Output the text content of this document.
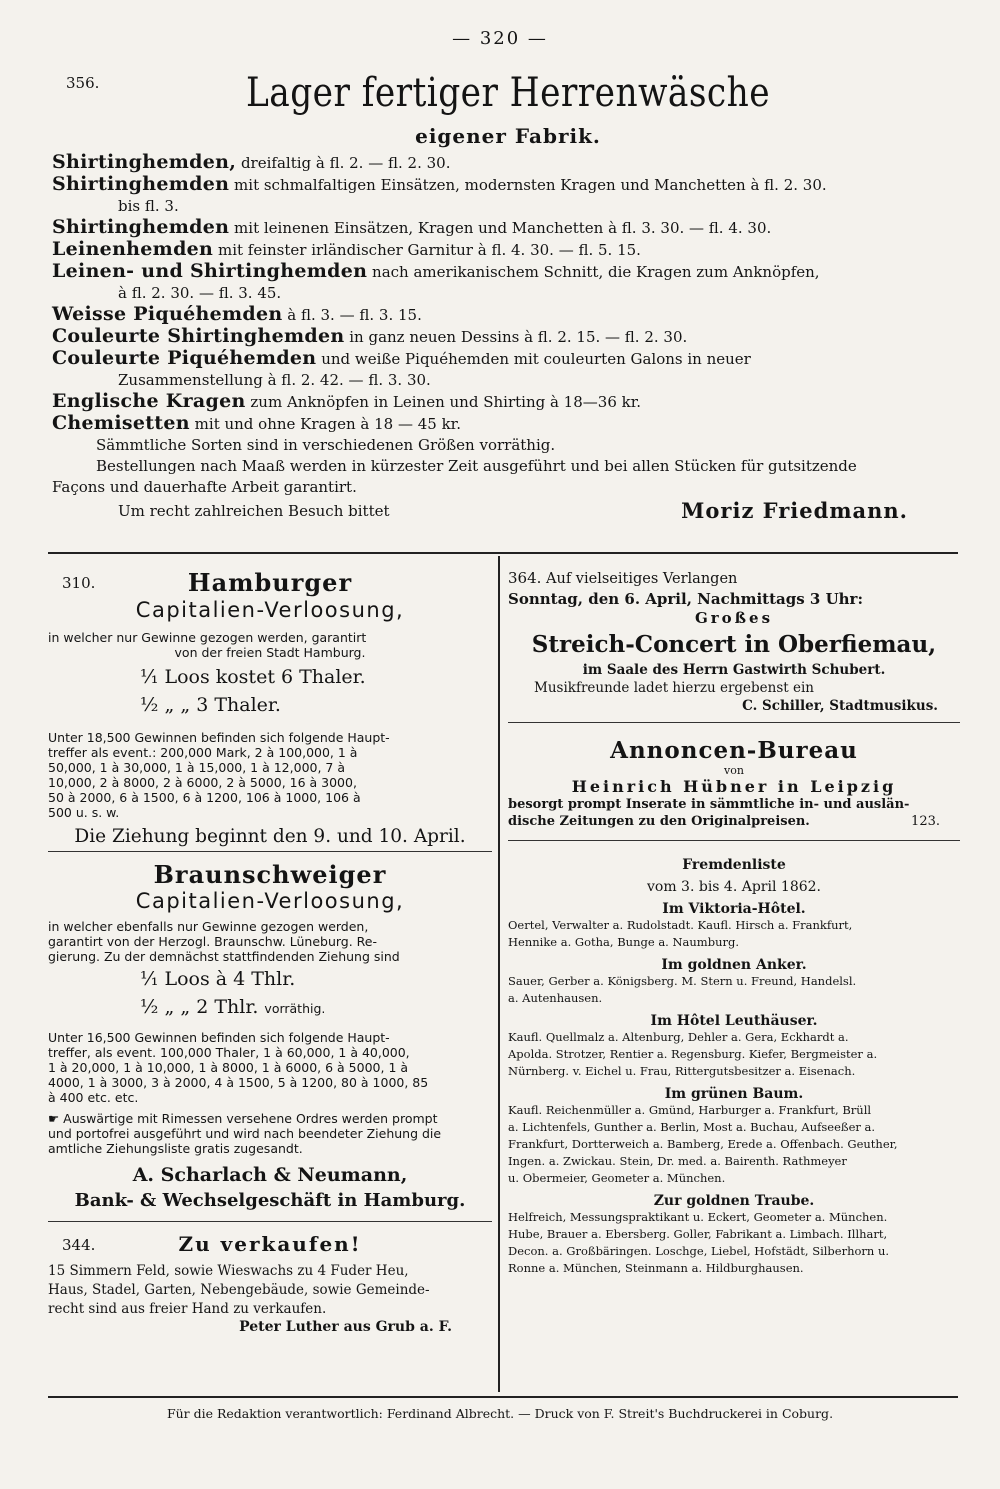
— 320 —
356.	Lager fertiger Herrenwäsche
eigener Fabrik.
Shirtinghemden, dreifaltig à fl. 2. — fl. 2. 30.
Shirtinghemden mit schmalfaltigen Einsätzen, modernsten Kragen und Manchetten à fl. 2. 30.
bis fl. 3.
Shirtinghemden mit leinenen Einsätzen, Kragen und Manchetten à fl. 3. 30. — fl. 4. 30.
Leinenhemden mit feinster irländischer Garnitur à fl. 4. 30. — fl. 5. 15.
Leinen- und Shirtinghemden nach amerikanischem Schnitt, die Kragen zum Anknöpfen,
à fl. 2. 30. — fl. 3. 45.
Weisse Piquéhemden à fl. 3. — fl. 3. 15.
Couleurte Shirtinghemden in ganz neuen Dessins à fl. 2. 15. — fl. 2. 30.
Couleurte Piquéhemden und weiße Piquéhemden mit couleurten Galons in neuer
Zusammenstellung à fl. 2. 42. — fl. 3. 30.
Englische Kragen zum Anknöpfen in Leinen und Shirting à 18—36 kr.
Chemisetten mit und ohne Kragen à 18 — 45 kr.
Sämmtliche Sorten sind in verschiedenen Größen vorräthig.
Bestellungen nach Maaß werden in kürzester Zeit ausgeführt und bei allen Stücken für gutsitzende
Façons und dauerhafte Arbeit garantirt.
Um recht zahlreichen Besuch bittet	Moriz Friedmann.
310.	Hamburger
Capitalien-Verloosung,
in welcher nur Gewinne gezogen werden, garantirt
von der freien Stadt Hamburg.
¹⁄₁ Loos kostet 6 Thaler.
¹⁄₂ „ „ 3 Thaler.
Unter 18,500 Gewinnen befinden sich folgende Haupt-
treffer als event.: 200,000 Mark, 2 à 100,000, 1 à
50,000, 1 à 30,000, 1 à 15,000, 1 à 12,000, 7 à
10,000, 2 à 8000, 2 à 6000, 2 à 5000, 16 à 3000,
50 à 2000, 6 à 1500, 6 à 1200, 106 à 1000, 106 à
500 u. s. w.
Die Ziehung beginnt den 9. und 10. April.
Braunschweiger
Capitalien-Verloosung,
in welcher ebenfalls nur Gewinne gezogen werden,
garantirt von der Herzogl. Braunschw. Lüneburg. Re-
gierung. Zu der demnächst stattfindenden Ziehung sind
¹⁄₁ Loos à 4 Thlr.
¹⁄₂ „ „ 2 Thlr. vorräthig.
Unter 16,500 Gewinnen befinden sich folgende Haupt-
treffer, als event. 100,000 Thaler, 1 à 60,000, 1 à 40,000,
1 à 20,000, 1 à 10,000, 1 à 8000, 1 à 6000, 6 à 5000, 1 à
4000, 1 à 3000, 3 à 2000, 4 à 1500, 5 à 1200, 80 à 1000, 85
à 400 etc. etc.
☛ Auswärtige mit Rimessen versehene Ordres werden prompt
und portofrei ausgeführt und wird nach beendeter Ziehung die
amtliche Ziehungsliste gratis zugesandt.
A. Scharlach & Neumann,
Bank- & Wechselgeschäft in Hamburg.
344.	Zu verkaufen!
15 Simmern Feld, sowie Wieswachs zu 4 Fuder Heu,
Haus, Stadel, Garten, Nebengebäude, sowie Gemeinde-
recht sind aus freier Hand zu verkaufen.
Peter Luther aus Grub a. F.
364. Auf vielseitiges Verlangen
Sonntag, den 6. April, Nachmittags 3 Uhr:
Großes
Streich-Concert in Oberfiemau,
im Saale des Herrn Gastwirth Schubert.
Musikfreunde ladet hierzu ergebenst ein
C. Schiller, Stadtmusikus.
Annoncen-Bureau
von
Heinrich Hübner in Leipzig
besorgt prompt Inserate in sämmtliche in- und auslän-
dische Zeitungen zu den Originalpreisen.	123.
Fremdenliste
vom 3. bis 4. April 1862.
Im Viktoria-Hôtel.
Oertel, Verwalter a. Rudolstadt. Kaufl. Hirsch a. Frankfurt,
Hennike a. Gotha, Bunge a. Naumburg.
Im goldnen Anker.
Sauer, Gerber a. Königsberg. M. Stern u. Freund, Handelsl.
a. Autenhausen.
Im Hôtel Leuthäuser.
Kaufl. Quellmalz a. Altenburg, Dehler a. Gera, Eckhardt a.
Apolda. Strotzer, Rentier a. Regensburg. Kiefer, Bergmeister a.
Nürnberg. v. Eichel u. Frau, Rittergutsbesitzer a. Eisenach.
Im grünen Baum.
Kaufl. Reichenmüller a. Gmünd, Harburger a. Frankfurt, Brüll
a. Lichtenfels, Gunther a. Berlin, Most a. Buchau, Aufseeßer a.
Frankfurt, Dortterweich a. Bamberg, Erede a. Offenbach. Geuther,
Ingen. a. Zwickau. Stein, Dr. med. a. Bairenth. Rathmeyer
u. Obermeier, Geometer a. München.
Zur goldnen Traube.
Helfreich, Messungspraktikant u. Eckert, Geometer a. München.
Hube, Brauer a. Ebersberg. Goller, Fabrikant a. Limbach. Illhart,
Decon. a. Großbäringen. Loschge, Liebel, Hofstädt, Silberhorn u.
Ronne a. München, Steinmann a. Hildburghausen.
Für die Redaktion verantwortlich: Ferdinand Albrecht. — Druck von F. Streit's Buchdruckerei in Coburg.
